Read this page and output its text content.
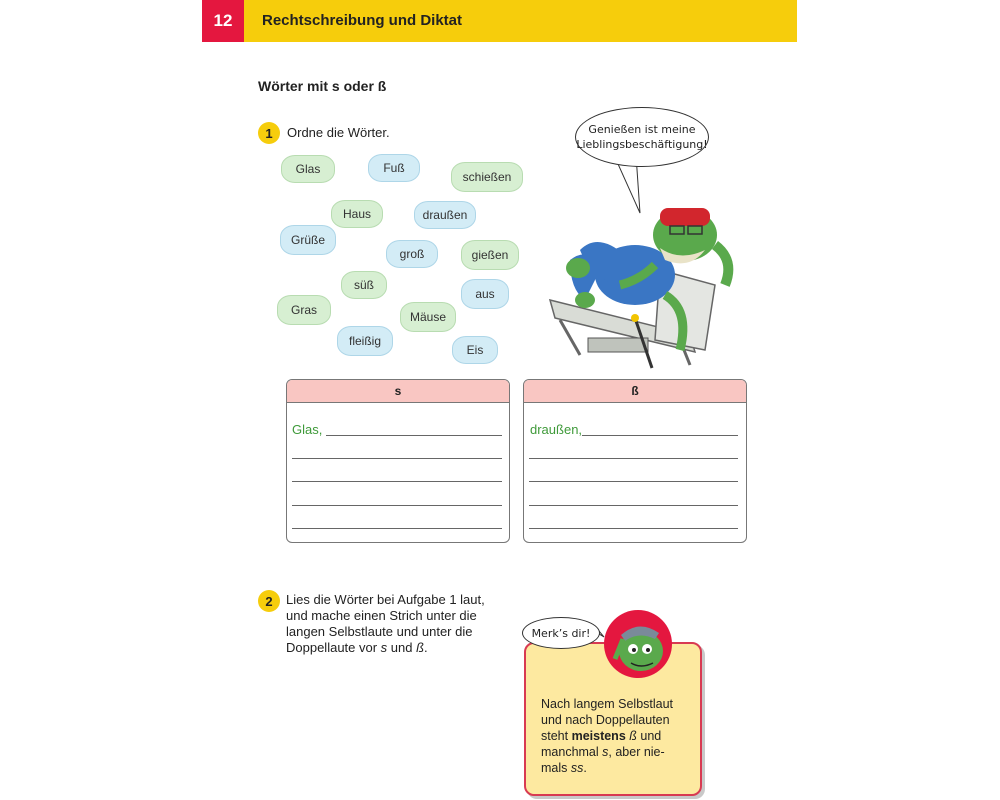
12	Rechtschreibung und Diktat
Wörter mit s oder ß
1	Ordne die Wörter.
Glas	Fuß
schießen
Haus	draußen
Grüße
groß	gießen
süß
aus
Gras	Mäuse
fleißig
Eis
Genießen ist meine
Lieblingsbeschäftigung!
s
Glas,
ß
draußen,
2	Lies die Wörter bei Aufgabe 1 laut,
und mache einen Strich unter die
langen Selbstlaute und unter die
Doppellaute vor s und ß.
Nach langem Selbstlaut
und nach Doppellauten
steht meistens ß und
manchmal s, aber nie-
mals ss.
Merk’s dir!
